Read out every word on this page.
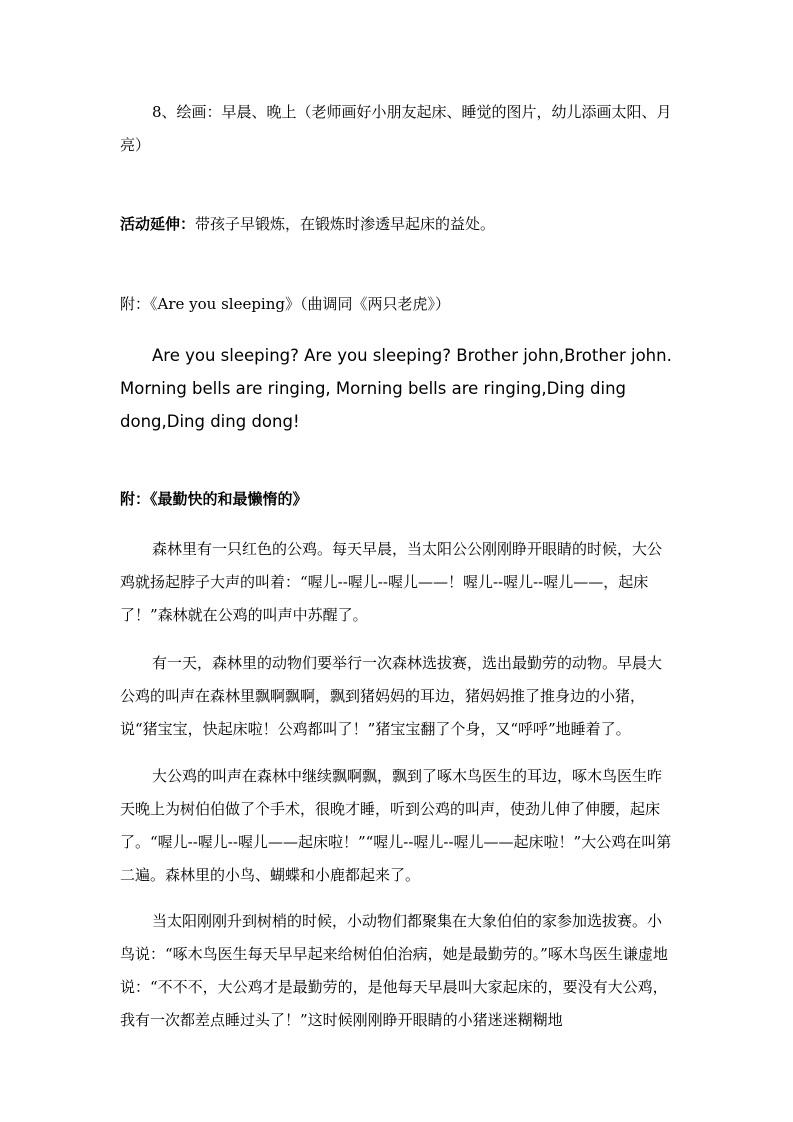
8、绘画：早晨、晚上（老师画好小朋友起床、睡觉的图片，幼儿添画太阳、月亮）

活动延伸：带孩子早锻炼，在锻炼时渗透早起床的益处。

附：《Are you sleeping》（曲调同《两只老虎》）

Are you sleeping? Are you sleeping? Brother john,Brother john. Morning bells are ringing, Morning bells are ringing,Ding ding dong,Ding ding dong!

附：《最勤快的和最懒惰的》

森林里有一只红色的公鸡。每天早晨，当太阳公公刚刚睁开眼睛的时候，大公鸡就扬起脖子大声的叫着：“喔儿--喔儿--喔儿——！喔儿--喔儿--喔儿——，起床了！”森林就在公鸡的叫声中苏醒了。

有一天，森林里的动物们要举行一次森林选拔赛，选出最勤劳的动物。早晨大公鸡的叫声在森林里飘啊飘啊，飘到猪妈妈的耳边，猪妈妈推了推身边的小猪，说“猪宝宝，快起床啦！公鸡都叫了！”猪宝宝翻了个身，又“呼呼”地睡着了。

大公鸡的叫声在森林中继续飘啊飘，飘到了啄木鸟医生的耳边，啄木鸟医生昨天晚上为树伯伯做了个手术，很晚才睡，听到公鸡的叫声，使劲儿伸了伸腰，起床了。“喔儿--喔儿--喔儿——起床啦！”“喔儿--喔儿--喔儿——起床啦！”大公鸡在叫第二遍。森林里的小鸟、蝴蝶和小鹿都起来了。

当太阳刚刚升到树梢的时候，小动物们都聚集在大象伯伯的家参加选拔赛。小鸟说：“啄木鸟医生每天早早起来给树伯伯治病，她是最勤劳的。”啄木鸟医生谦虚地说：“不不不，大公鸡才是最勤劳的，是他每天早晨叫大家起床的，要没有大公鸡，我有一次都差点睡过头了！”这时候刚刚睁开眼睛的小猪迷迷糊糊地
